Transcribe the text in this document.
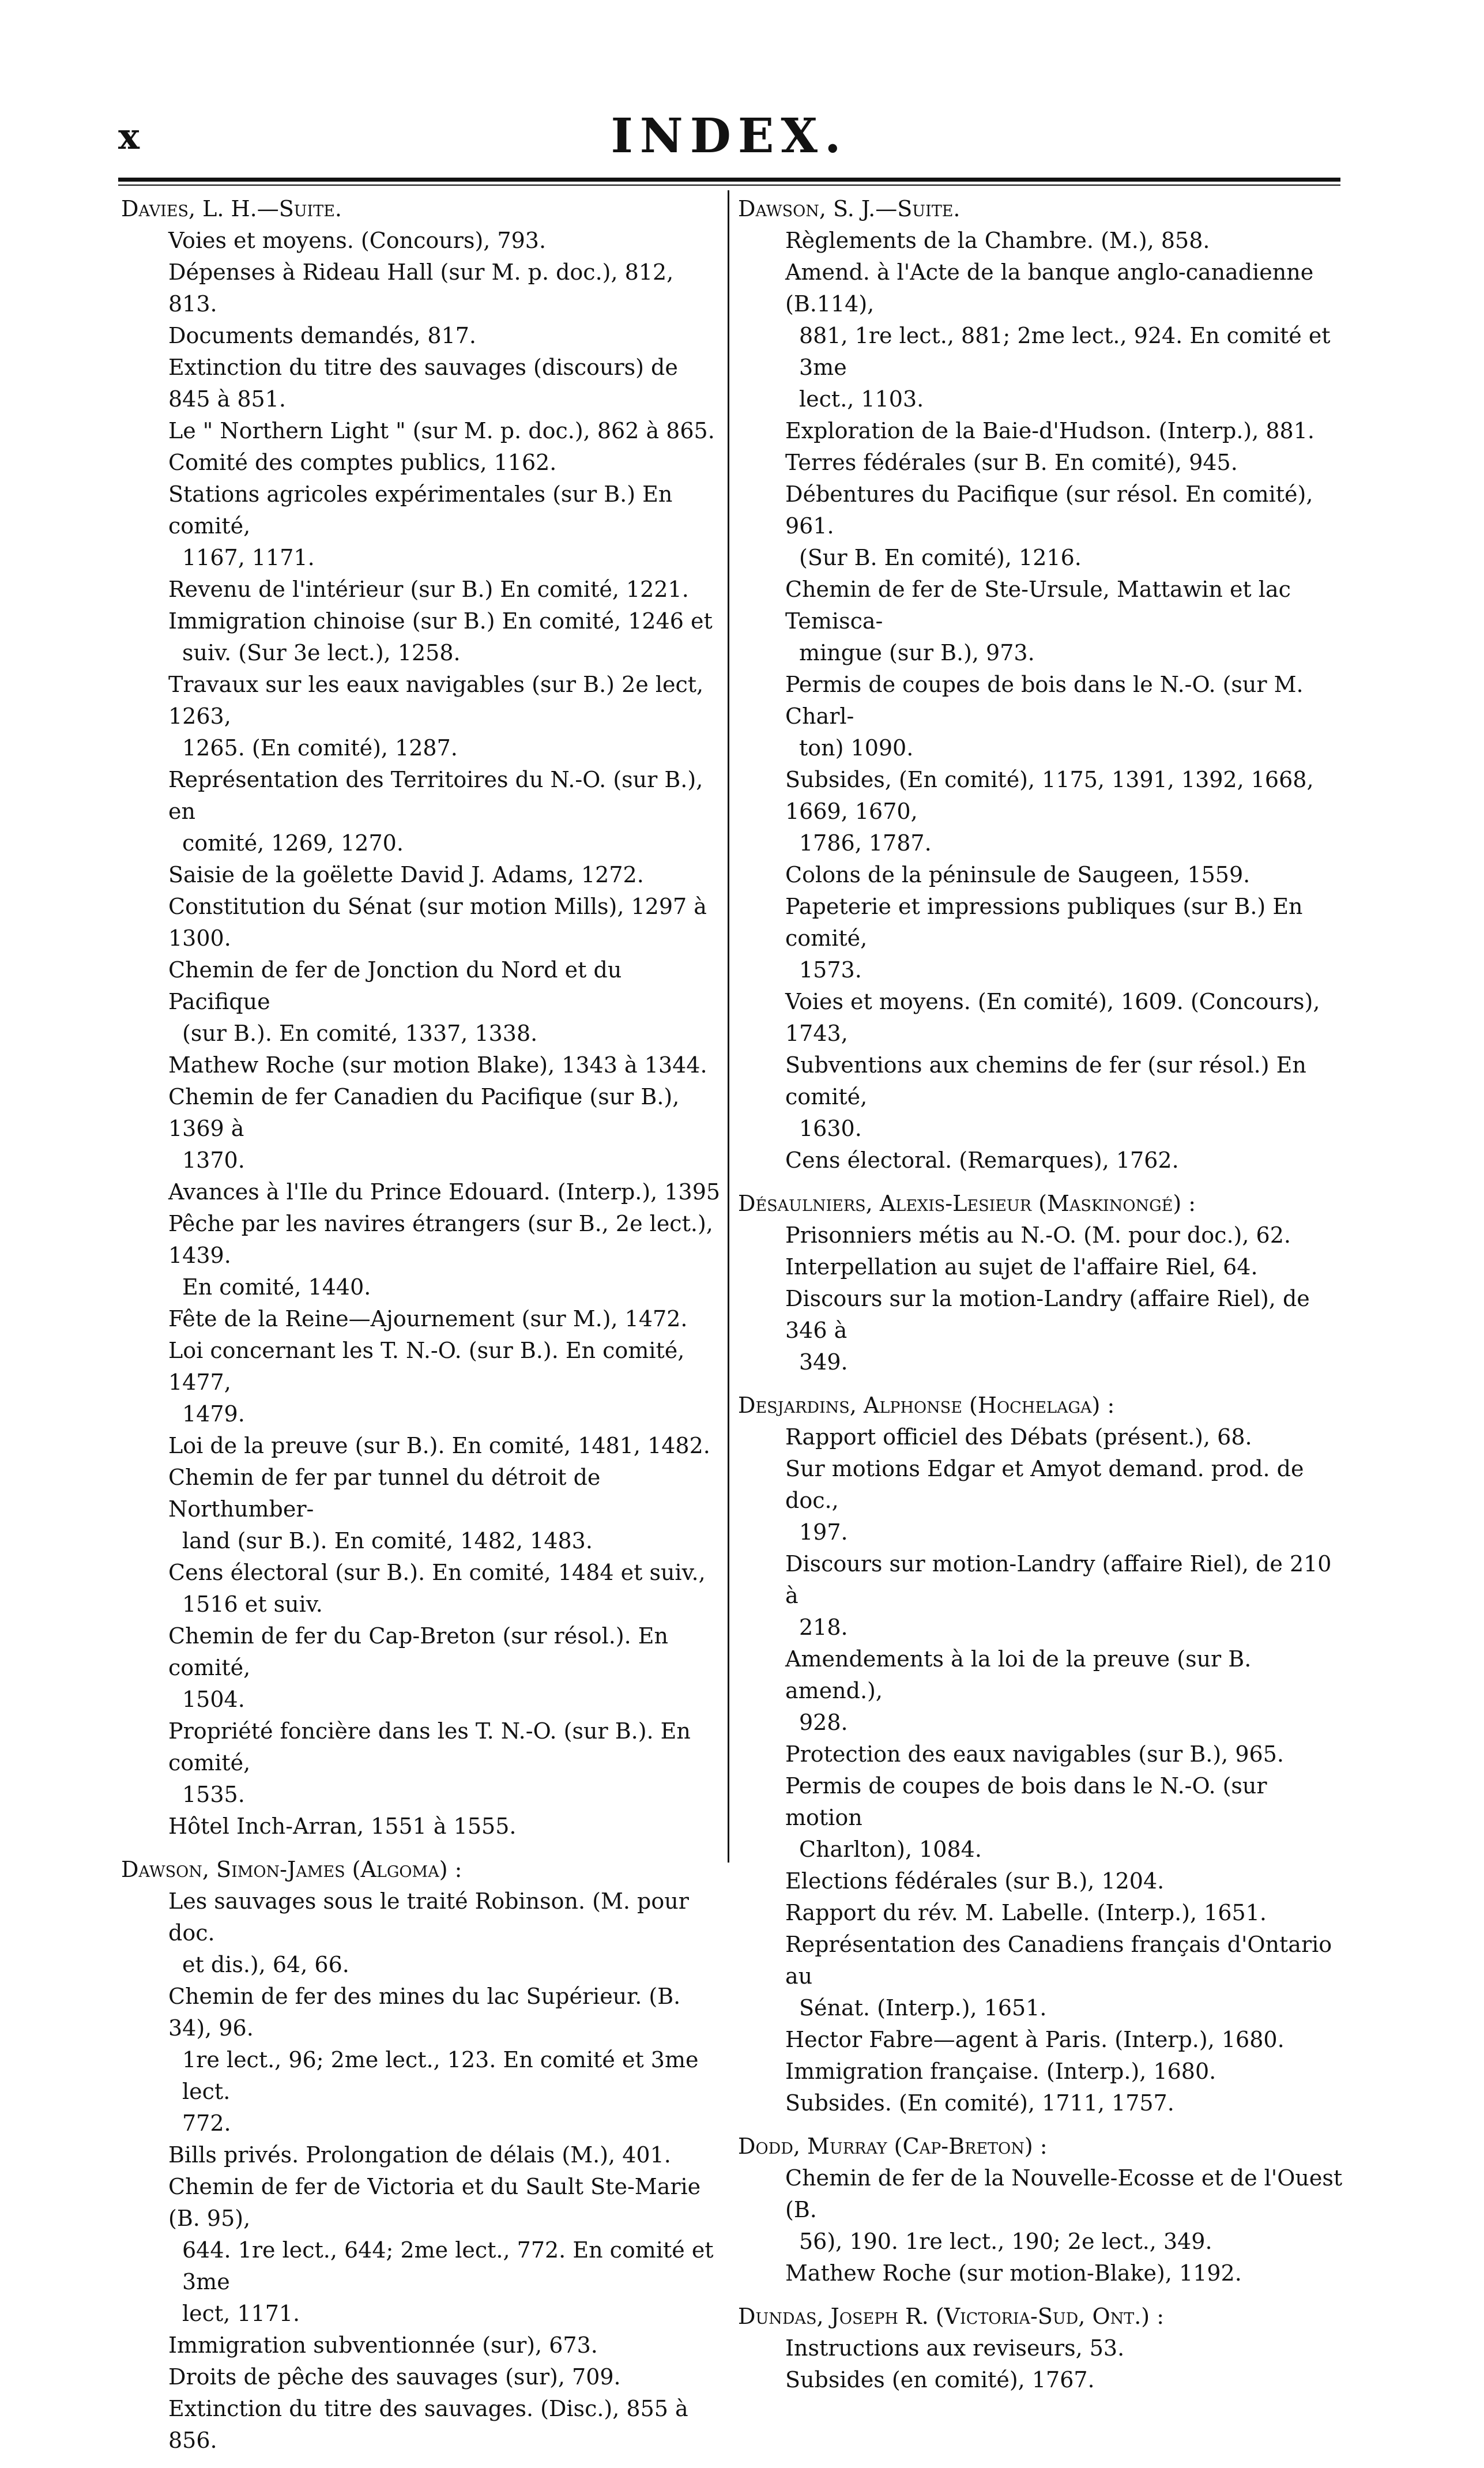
x	INDEX.
Davies, L. H.—Suite.
Voies et moyens. (Concours), 793.
Dépenses à Rideau Hall (sur M. p. doc.), 812, 813.
Documents demandés, 817.
Extinction du titre des sauvages (discours) de 845 à 851.
Le " Northern Light " (sur M. p. doc.), 862 à 865.
Comité des comptes publics, 1162.
Stations agricoles expérimentales (sur B.) En comité,
1167, 1171.
Revenu de l'intérieur (sur B.) En comité, 1221.
Immigration chinoise (sur B.) En comité, 1246 et
suiv. (Sur 3e lect.), 1258.
Travaux sur les eaux navigables (sur B.) 2e lect, 1263,
1265. (En comité), 1287.
Représentation des Territoires du N.-O. (sur B.), en
comité, 1269, 1270.
Saisie de la goëlette David J. Adams, 1272.
Constitution du Sénat (sur motion Mills), 1297 à 1300.
Chemin de fer de Jonction du Nord et du Pacifique
(sur B.). En comité, 1337, 1338.
Mathew Roche (sur motion Blake), 1343 à 1344.
Chemin de fer Canadien du Pacifique (sur B.), 1369 à
1370.
Avances à l'Ile du Prince Edouard. (Interp.), 1395
Pêche par les navires étrangers (sur B., 2e lect.), 1439.
En comité, 1440.
Fête de la Reine—Ajournement (sur M.), 1472.
Loi concernant les T. N.-O. (sur B.). En comité, 1477,
1479.
Loi de la preuve (sur B.). En comité, 1481, 1482.
Chemin de fer par tunnel du détroit de Northumber-
land (sur B.). En comité, 1482, 1483.
Cens électoral (sur B.). En comité, 1484 et suiv.,
1516 et suiv.
Chemin de fer du Cap-Breton (sur résol.). En comité,
1504.
Propriété foncière dans les T. N.-O. (sur B.). En comité,
1535.
Hôtel Inch-Arran, 1551 à 1555.
Dawson, Simon-James (Algoma) :
Les sauvages sous le traité Robinson. (M. pour doc.
et dis.), 64, 66.
Chemin de fer des mines du lac Supérieur. (B. 34), 96.
1re lect., 96; 2me lect., 123. En comité et 3me lect.
772.
Bills privés. Prolongation de délais (M.), 401.
Chemin de fer de Victoria et du Sault Ste-Marie (B. 95),
644. 1re lect., 644; 2me lect., 772. En comité et 3me
lect, 1171.
Immigration subventionnée (sur), 673.
Droits de pêche des sauvages (sur), 709.
Extinction du titre des sauvages. (Disc.), 855 à 856.
Dawson, S. J.—Suite.
Règlements de la Chambre. (M.), 858.
Amend. à l'Acte de la banque anglo-canadienne (B.114),
881, 1re lect., 881; 2me lect., 924. En comité et 3me
lect., 1103.
Exploration de la Baie-d'Hudson. (Interp.), 881.
Terres fédérales (sur B. En comité), 945.
Débentures du Pacifique (sur résol. En comité), 961.
(Sur B. En comité), 1216.
Chemin de fer de Ste-Ursule, Mattawin et lac Temisca-
mingue (sur B.), 973.
Permis de coupes de bois dans le N.-O. (sur M. Charl-
ton) 1090.
Subsides, (En comité), 1175, 1391, 1392, 1668, 1669, 1670,
1786, 1787.
Colons de la péninsule de Saugeen, 1559.
Papeterie et impressions publiques (sur B.) En comité,
1573.
Voies et moyens. (En comité), 1609. (Concours), 1743,
Subventions aux chemins de fer (sur résol.) En comité,
1630.
Cens électoral. (Remarques), 1762.
Désaulniers, Alexis-Lesieur (Maskinongé) :
Prisonniers métis au N.-O. (M. pour doc.), 62.
Interpellation au sujet de l'affaire Riel, 64.
Discours sur la motion-Landry (affaire Riel), de 346 à
349.
Desjardins, Alphonse (Hochelaga) :
Rapport officiel des Débats (présent.), 68.
Sur motions Edgar et Amyot demand. prod. de doc.,
197.
Discours sur motion-Landry (affaire Riel), de 210 à
218.
Amendements à la loi de la preuve (sur B. amend.),
928.
Protection des eaux navigables (sur B.), 965.
Permis de coupes de bois dans le N.-O. (sur motion
Charlton), 1084.
Elections fédérales (sur B.), 1204.
Rapport du rév. M. Labelle. (Interp.), 1651.
Représentation des Canadiens français d'Ontario au
Sénat. (Interp.), 1651.
Hector Fabre—agent à Paris. (Interp.), 1680.
Immigration française. (Interp.), 1680.
Subsides. (En comité), 1711, 1757.
Dodd, Murray (Cap-Breton) :
Chemin de fer de la Nouvelle-Ecosse et de l'Ouest (B.
56), 190. 1re lect., 190; 2e lect., 349.
Mathew Roche (sur motion-Blake), 1192.
Dundas, Joseph R. (Victoria-Sud, Ont.) :
Instructions aux reviseurs, 53.
Subsides (en comité), 1767.
